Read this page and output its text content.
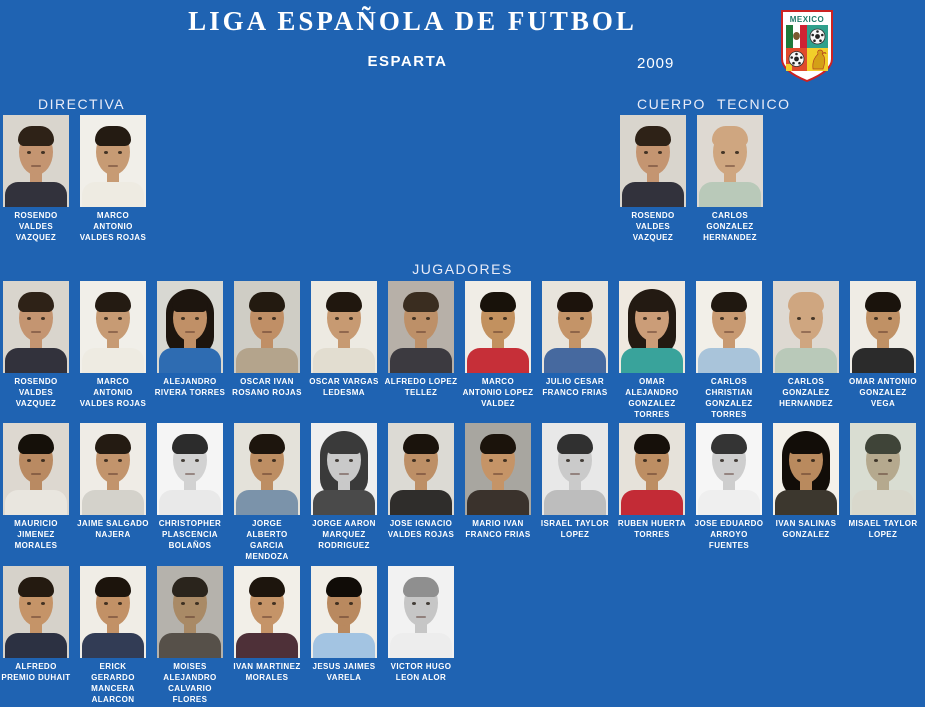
LIGA ESPAÑOLA DE FUTBOL
ESPARTA	2009
MEXICO
DIRECTIVA
ROSENDO
VALDES
VAZQUEZ
MARCO
ANTONIO
VALDES ROJAS
CUERPO TECNICO
ROSENDO
VALDES
VAZQUEZ
CARLOS
GONZALEZ
HERNANDEZ
JUGADORES
ROSENDO
VALDES
VAZQUEZ
MARCO
ANTONIO
VALDES ROJAS
ALEJANDRO
RIVERA TORRES
OSCAR IVAN
ROSANO ROJAS
OSCAR VARGAS
LEDESMA
ALFREDO LOPEZ
TELLEZ
MARCO
ANTONIO LOPEZ
VALDEZ
JULIO CESAR
FRANCO FRIAS
OMAR
ALEJANDRO
GONZALEZ
TORRES
CARLOS
CHRISTIAN
GONZALEZ
TORRES
CARLOS
GONZALEZ
HERNANDEZ
OMAR ANTONIO
GONZALEZ
VEGA
MAURICIO
JIMENEZ
MORALES
JAIME SALGADO
NAJERA
CHRISTOPHER
PLASCENCIA
BOLAÑOS
JORGE
ALBERTO
GARCIA
MENDOZA
JORGE AARON
MARQUEZ
RODRIGUEZ
JOSE IGNACIO
VALDES ROJAS
MARIO IVAN
FRANCO FRIAS
ISRAEL TAYLOR
LOPEZ
RUBEN HUERTA
TORRES
JOSE EDUARDO
ARROYO
FUENTES
IVAN SALINAS
GONZALEZ
MISAEL TAYLOR
LOPEZ
ALFREDO
PREMIO DUHAIT
ERICK
GERARDO
MANCERA
ALARCON
MOISES
ALEJANDRO
CALVARIO
FLORES
IVAN MARTINEZ
MORALES
JESUS JAIMES
VARELA
VICTOR HUGO
LEON ALOR
